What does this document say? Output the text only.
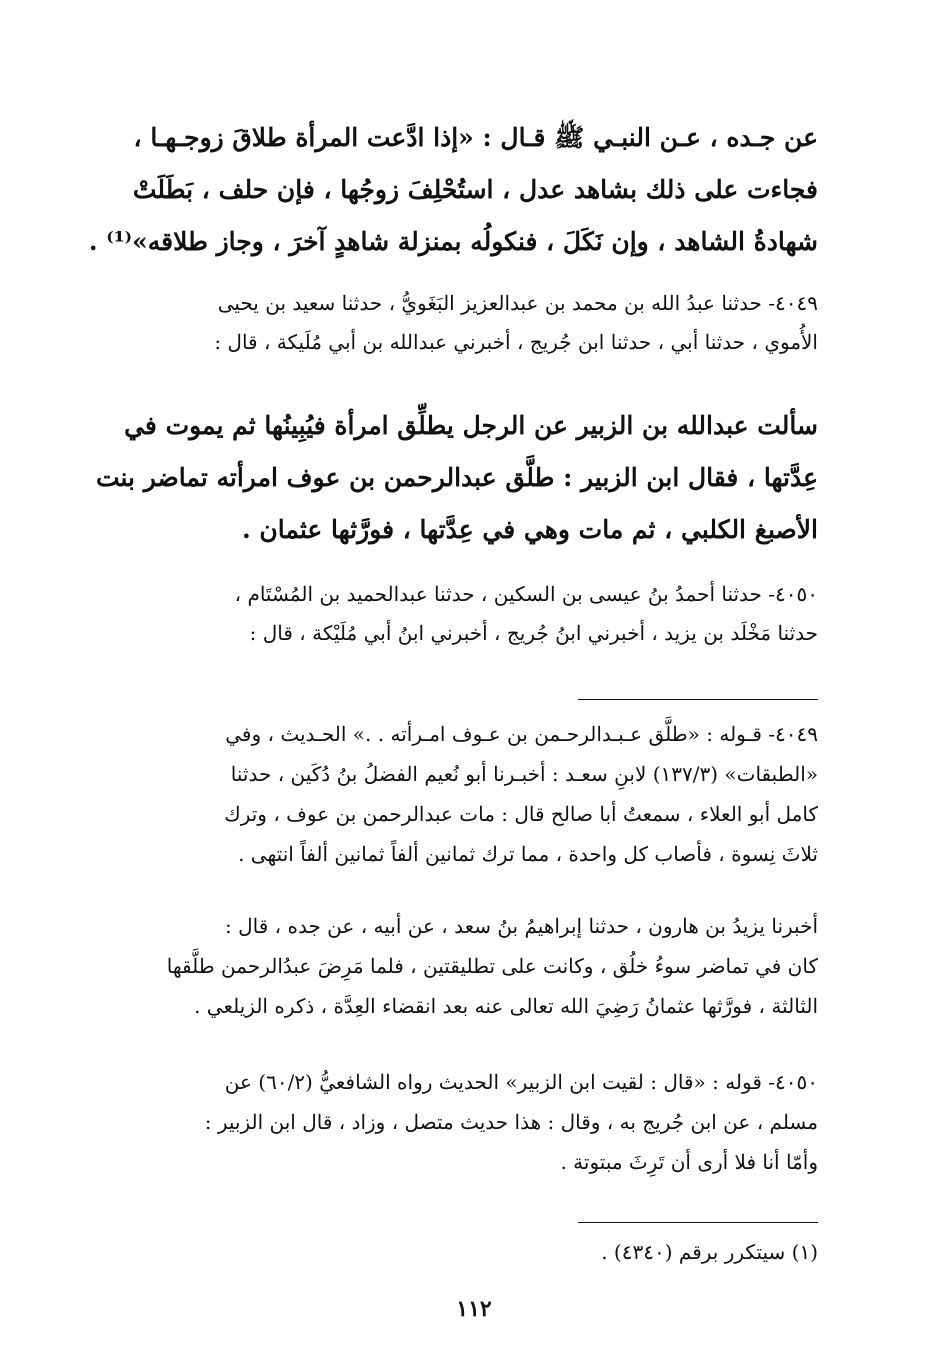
عن جـده ، عـن النبـي ﷺ قـال : «إذا ادَّعت المرأة طلاقَ زوجـهـا ،
فجاءت على ذلك بشاهد عدل ، استُحْلِفَ زوجُها ، فإن حلف ، بَطَلَتْ
شهادةُ الشاهد ، وإن نَكَلَ ، فنكولُه بمنزلة شاهدٍ آخرَ ، وجاز طلاقه»⁽¹⁾ .
٤٠٤٩- حدثنا عبدُ الله بن محمد بن عبدالعزيز البَغَويُّ ، حدثنا سعيد بن يحيى
الأُموي ، حدثنا أبي ، حدثنا ابن جُريج ، أخبرني عبدالله بن أبي مُلَيكة ، قال :
سألت عبدالله بن الزبير عن الرجل يطلِّق امرأة فيُبِينُها ثم يموت في
عِدَّتها ، فقال ابن الزبير : طلَّق عبدالرحمن بن عوف امرأته تماضر بنت
الأصبغ الكلبي ، ثم مات وهي في عِدَّتها ، فورَّثها عثمان .
٤٠٥٠- حدثنا أحمدُ بنُ عيسى بن السكين ، حدثنا عبدالحميد بن المُسْتَام ،
حدثنا مَخْلَد بن يزيد ، أخبرني ابنُ جُريج ، أخبرني ابنُ أبي مُلَيْكة ، قال :
٤٠٤٩- قـوله : «طلَّق عـبـدالرحـمن بن عـوف امـرأته . .» الحـديث ، وفي
«الطبقات» (١٣٧/٣) لابنِ سعـد : أخبـرنا أبو نُعيم الفضلُ بنُ دُكَين ، حدثنا
كامل أبو العلاء ، سمعتُ أبا صالح قال : مات عبدالرحمن بن عوف ، وترك
ثلاثَ نِسوة ، فأصاب كل واحدة ، مما ترك ثمانين ألفاً ثمانين ألفاً انتهى .
أخبرنا يزيدُ بن هارون ، حدثنا إبراهيمُ بنُ سعد ، عن أبيه ، عن جده ، قال :
كان في تماضر سوءُ خلُق ، وكانت على تطليقتين ، فلما مَرِضَ عبدُالرحمن طلَّقها
الثالثة ، فورَّثها عثمانُ رَضِيَ الله تعالى عنه بعد انقضاء العِدَّة ، ذكره الزيلعي .
٤٠٥٠- قوله : «قال : لقيت ابن الزبير» الحديث رواه الشافعيُّ (٦٠/٢) عن
مسلم ، عن ابن جُريج به ، وقال : هذا حديث متصل ، وزاد ، قال ابن الزبير :
وأمّا أنا فلا أرى أن تَرِثَ مبتوتة .
(١) سيتكرر برقم (٤٣٤٠) .
١١٢
